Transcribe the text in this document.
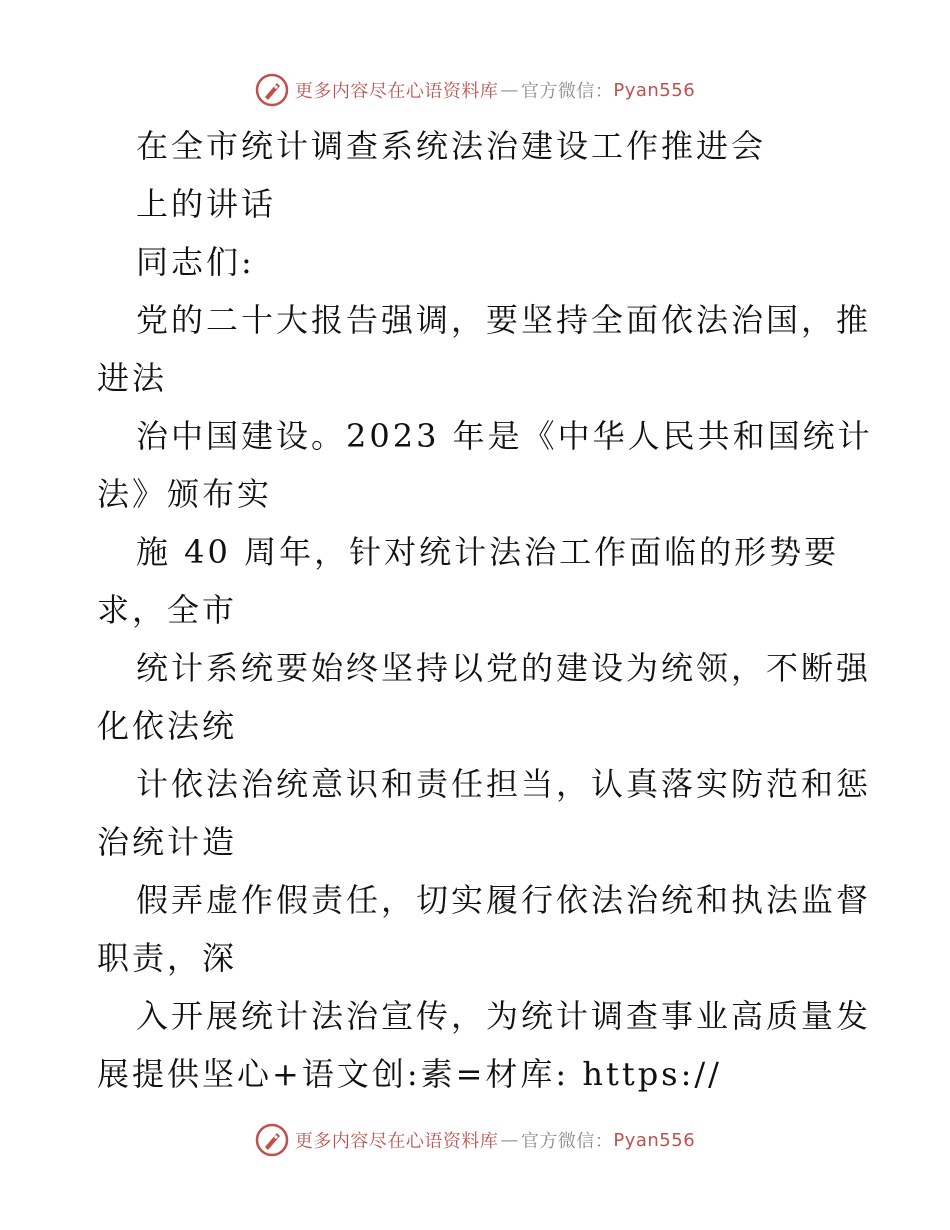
更多内容尽在心语资料库 — 官方微信： Pyan556
在全市统计调查系统法治建设工作推进会
上的讲话
同志们:
党的二十大报告强调，要坚持全面依法治国，推
进法
治中国建设。2023 年是《中华人民共和国统计
法》颁布实
施 40 周年，针对统计法治工作面临的形势要
求，全市
统计系统要始终坚持以党的建设为统领，不断强
化依法统
计依法治统意识和责任担当，认真落实防范和惩
治统计造
假弄虚作假责任，切实履行依法治统和执法监督
职责，深
入开展统计法治宣传，为统计调查事业高质量发
展提供坚心+语文创:素=材库: https://
更多内容尽在心语资料库 — 官方微信： Pyan556
